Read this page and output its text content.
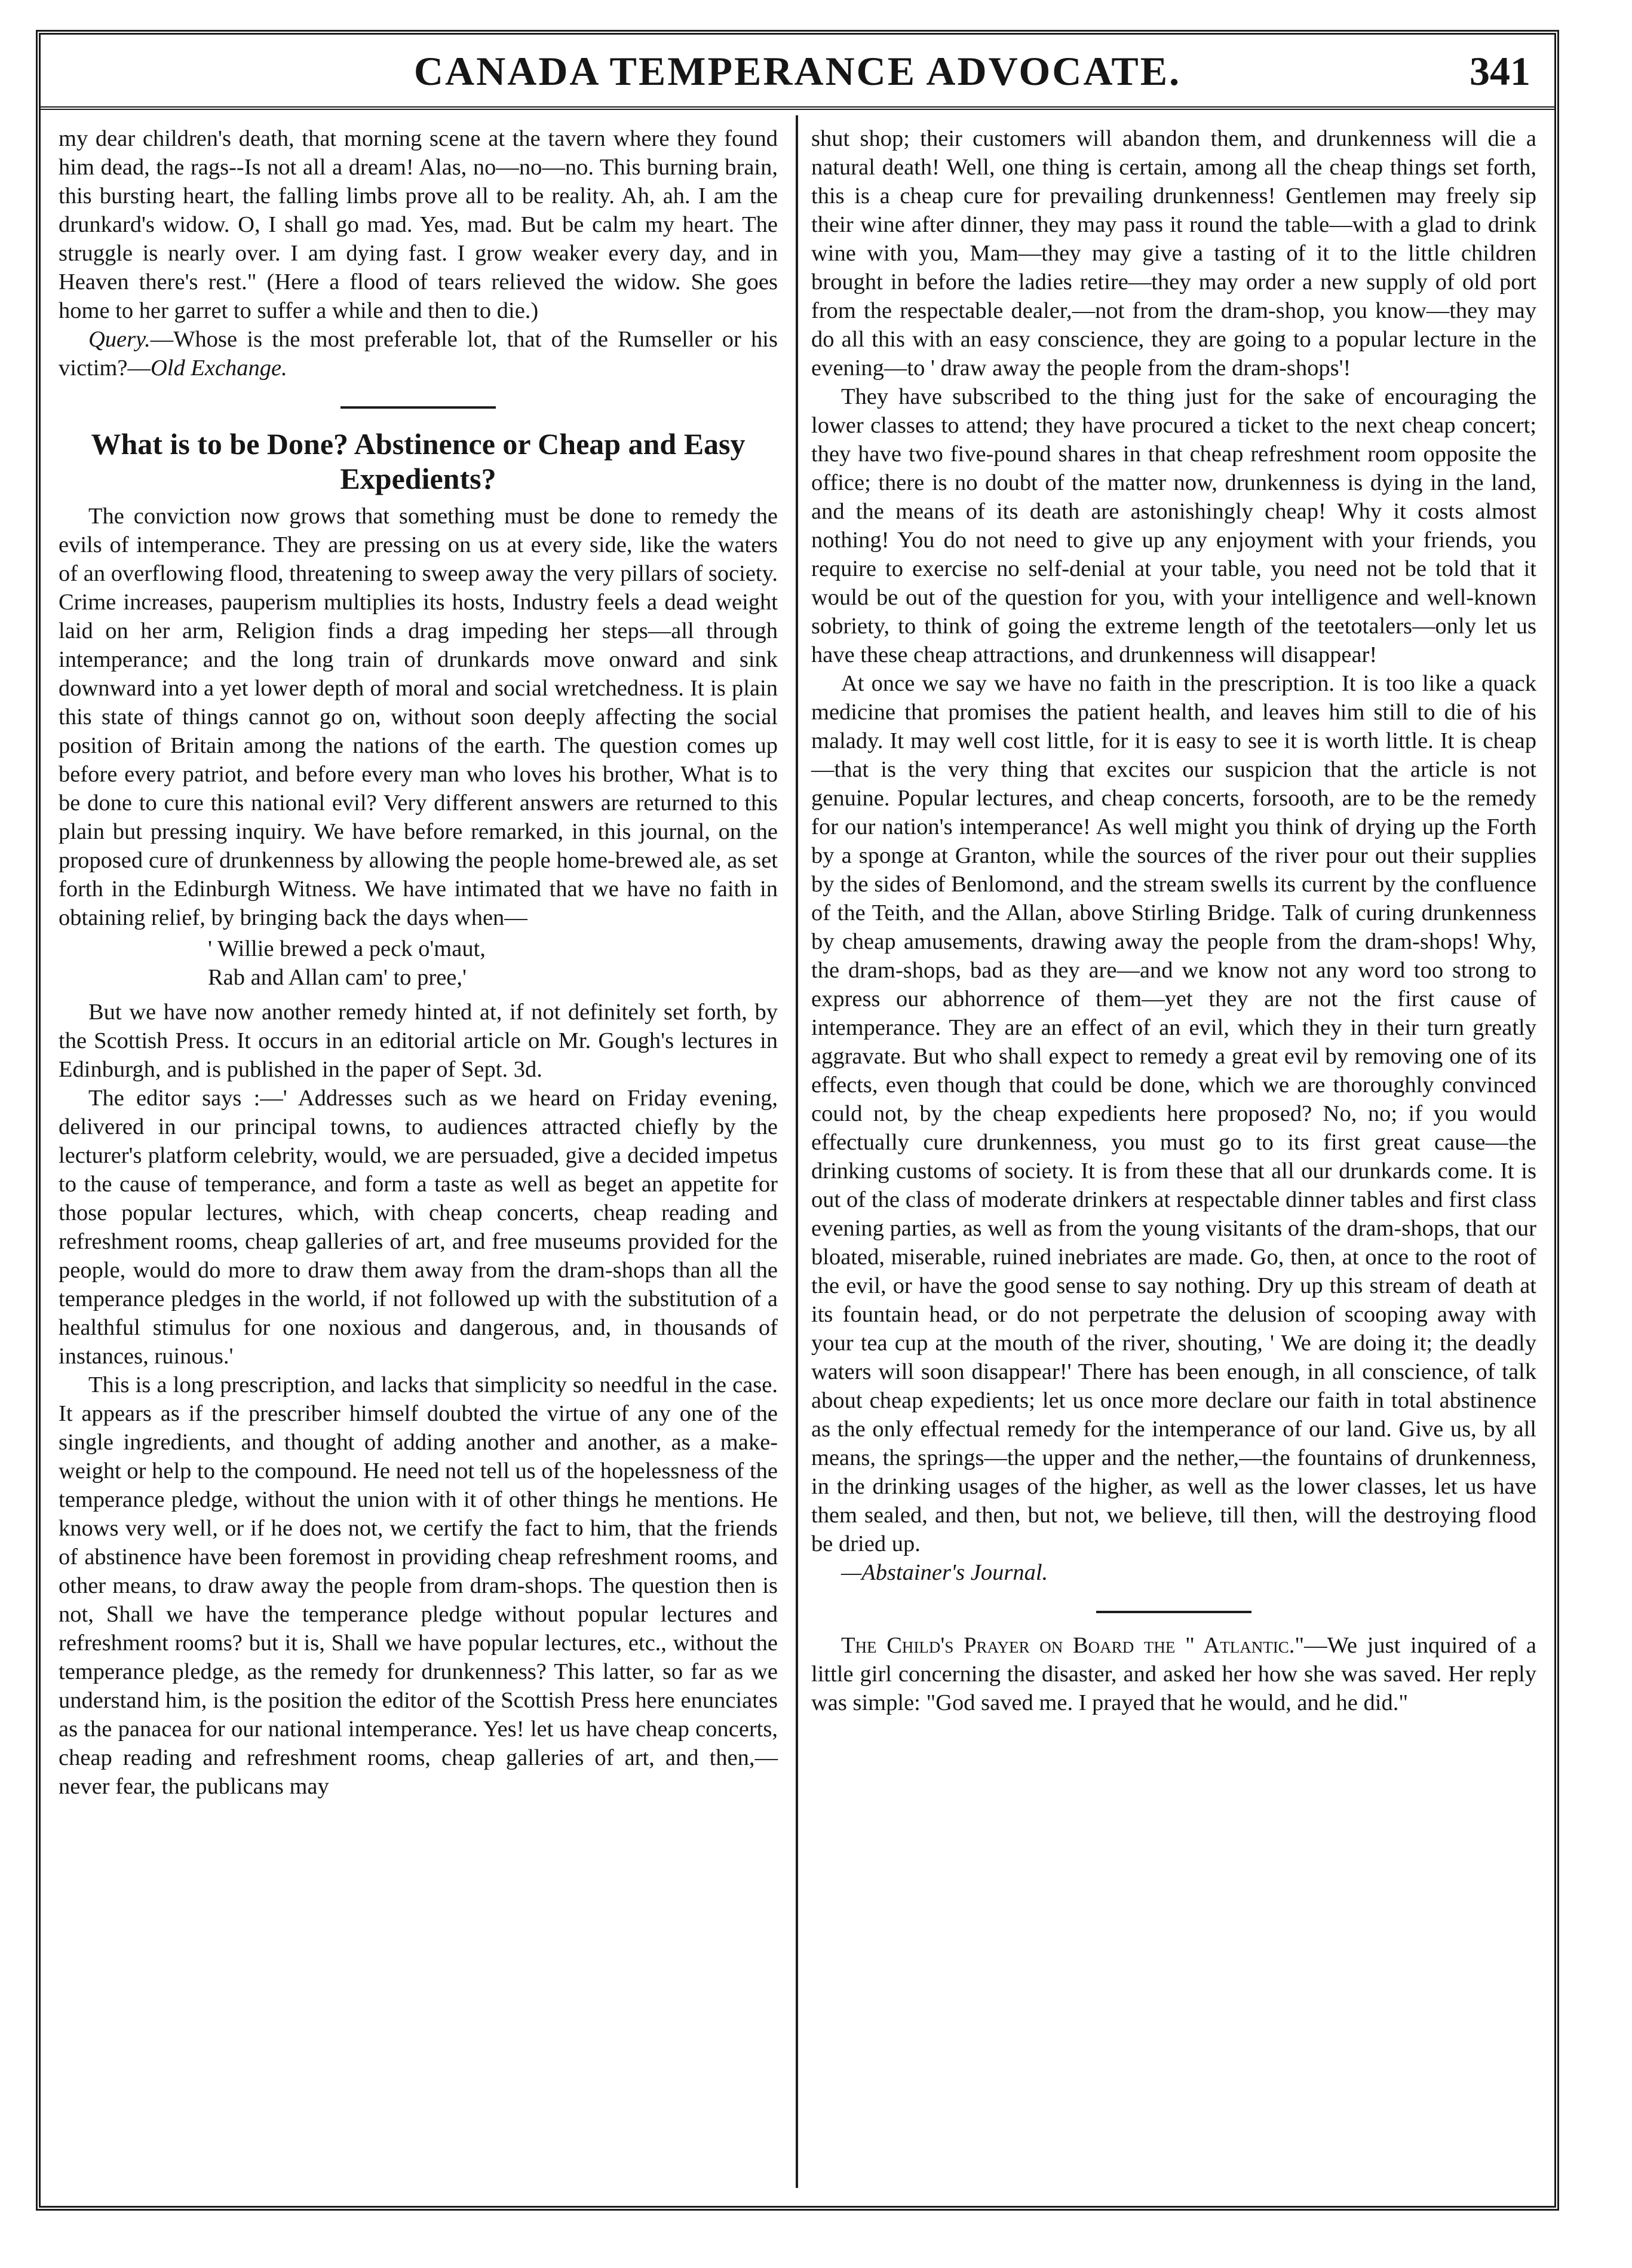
CANADA TEMPERANCE ADVOCATE.	341

my dear children's death, that morning scene at the tavern where they found him dead, the rags--Is not all a dream! Alas, no—no—no. This burning brain, this bursting heart, the falling limbs prove all to be reality. Ah, ah. I am the drunkard's widow. O, I shall go mad. Yes, mad. But be calm my heart. The struggle is nearly over. I am dying fast. I grow weaker every day, and in Heaven there's rest." (Here a flood of tears relieved the widow. She goes home to her garret to suffer a while and then to die.)

Query.—Whose is the most preferable lot, that of the Rumseller or his victim?—Old Exchange.

What is to be Done? Abstinence or Cheap and Easy Expedients?

The conviction now grows that something must be done to remedy the evils of intemperance. They are pressing on us at every side, like the waters of an overflowing flood, threatening to sweep away the very pillars of society. Crime increases, pauperism multiplies its hosts, Industry feels a dead weight laid on her arm, Religion finds a drag impeding her steps—all through intemperance; and the long train of drunkards move onward and sink downward into a yet lower depth of moral and social wretchedness. It is plain this state of things cannot go on, without soon deeply affecting the social position of Britain among the nations of the earth. The question comes up before every patriot, and before every man who loves his brother, What is to be done to cure this national evil? Very different answers are returned to this plain but pressing inquiry. We have before remarked, in this journal, on the proposed cure of drunkenness by allowing the people home-brewed ale, as set forth in the Edinburgh Witness. We have intimated that we have no faith in obtaining relief, by bringing back the days when—

' Willie brewed a peck o'maut,
Rab and Allan cam' to pree,'

But we have now another remedy hinted at, if not definitely set forth, by the Scottish Press. It occurs in an editorial article on Mr. Gough's lectures in Edinburgh, and is published in the paper of Sept. 3d.

The editor says :—' Addresses such as we heard on Friday evening, delivered in our principal towns, to audiences attracted chiefly by the lecturer's platform celebrity, would, we are persuaded, give a decided impetus to the cause of temperance, and form a taste as well as beget an appetite for those popular lectures, which, with cheap concerts, cheap reading and refreshment rooms, cheap galleries of art, and free museums provided for the people, would do more to draw them away from the dram-shops than all the temperance pledges in the world, if not followed up with the substitution of a healthful stimulus for one noxious and dangerous, and, in thousands of instances, ruinous.'

This is a long prescription, and lacks that simplicity so needful in the case. It appears as if the prescriber himself doubted the virtue of any one of the single ingredients, and thought of adding another and another, as a make-weight or help to the compound. He need not tell us of the hopelessness of the temperance pledge, without the union with it of other things he mentions. He knows very well, or if he does not, we certify the fact to him, that the friends of abstinence have been foremost in providing cheap refreshment rooms, and other means, to draw away the people from dram-shops. The question then is not, Shall we have the temperance pledge without popular lectures and refreshment rooms? but it is, Shall we have popular lectures, etc., without the temperance pledge, as the remedy for drunkenness? This latter, so far as we understand him, is the position the editor of the Scottish Press here enunciates as the panacea for our national intemperance. Yes! let us have cheap concerts, cheap reading and refreshment rooms, cheap galleries of art, and then,—never fear, the publicans may

shut shop; their customers will abandon them, and drunkenness will die a natural death! Well, one thing is certain, among all the cheap things set forth, this is a cheap cure for prevailing drunkenness! Gentlemen may freely sip their wine after dinner, they may pass it round the table—with a glad to drink wine with you, Mam—they may give a tasting of it to the little children brought in before the ladies retire—they may order a new supply of old port from the respectable dealer,—not from the dram-shop, you know—they may do all this with an easy conscience, they are going to a popular lecture in the evening—to ' draw away the people from the dram-shops'!

They have subscribed to the thing just for the sake of encouraging the lower classes to attend; they have procured a ticket to the next cheap concert; they have two five-pound shares in that cheap refreshment room opposite the office; there is no doubt of the matter now, drunkenness is dying in the land, and the means of its death are astonishingly cheap! Why it costs almost nothing! You do not need to give up any enjoyment with your friends, you require to exercise no self-denial at your table, you need not be told that it would be out of the question for you, with your intelligence and well-known sobriety, to think of going the extreme length of the teetotalers—only let us have these cheap attractions, and drunkenness will disappear!

At once we say we have no faith in the prescription. It is too like a quack medicine that promises the patient health, and leaves him still to die of his malady. It may well cost little, for it is easy to see it is worth little. It is cheap—that is the very thing that excites our suspicion that the article is not genuine. Popular lectures, and cheap concerts, forsooth, are to be the remedy for our nation's intemperance! As well might you think of drying up the Forth by a sponge at Granton, while the sources of the river pour out their supplies by the sides of Benlomond, and the stream swells its current by the confluence of the Teith, and the Allan, above Stirling Bridge. Talk of curing drunkenness by cheap amusements, drawing away the people from the dram-shops! Why, the dram-shops, bad as they are—and we know not any word too strong to express our abhorrence of them—yet they are not the first cause of intemperance. They are an effect of an evil, which they in their turn greatly aggravate. But who shall expect to remedy a great evil by removing one of its effects, even though that could be done, which we are thoroughly convinced could not, by the cheap expedients here proposed? No, no; if you would effectually cure drunkenness, you must go to its first great cause—the drinking customs of society. It is from these that all our drunkards come. It is out of the class of moderate drinkers at respectable dinner tables and first class evening parties, as well as from the young visitants of the dram-shops, that our bloated, miserable, ruined inebriates are made. Go, then, at once to the root of the evil, or have the good sense to say nothing. Dry up this stream of death at its fountain head, or do not perpetrate the delusion of scooping away with your tea cup at the mouth of the river, shouting, ' We are doing it; the deadly waters will soon disappear!' There has been enough, in all conscience, of talk about cheap expedients; let us once more declare our faith in total abstinence as the only effectual remedy for the intemperance of our land. Give us, by all means, the springs—the upper and the nether,—the fountains of drunkenness, in the drinking usages of the higher, as well as the lower classes, let us have them sealed, and then, but not, we believe, till then, will the destroying flood be dried up.

—Abstainer's Journal.

The Child's Prayer on Board the " Atlantic."—We just inquired of a little girl concerning the disaster, and asked her how she was saved. Her reply was simple: "God saved me. I prayed that he would, and he did."
